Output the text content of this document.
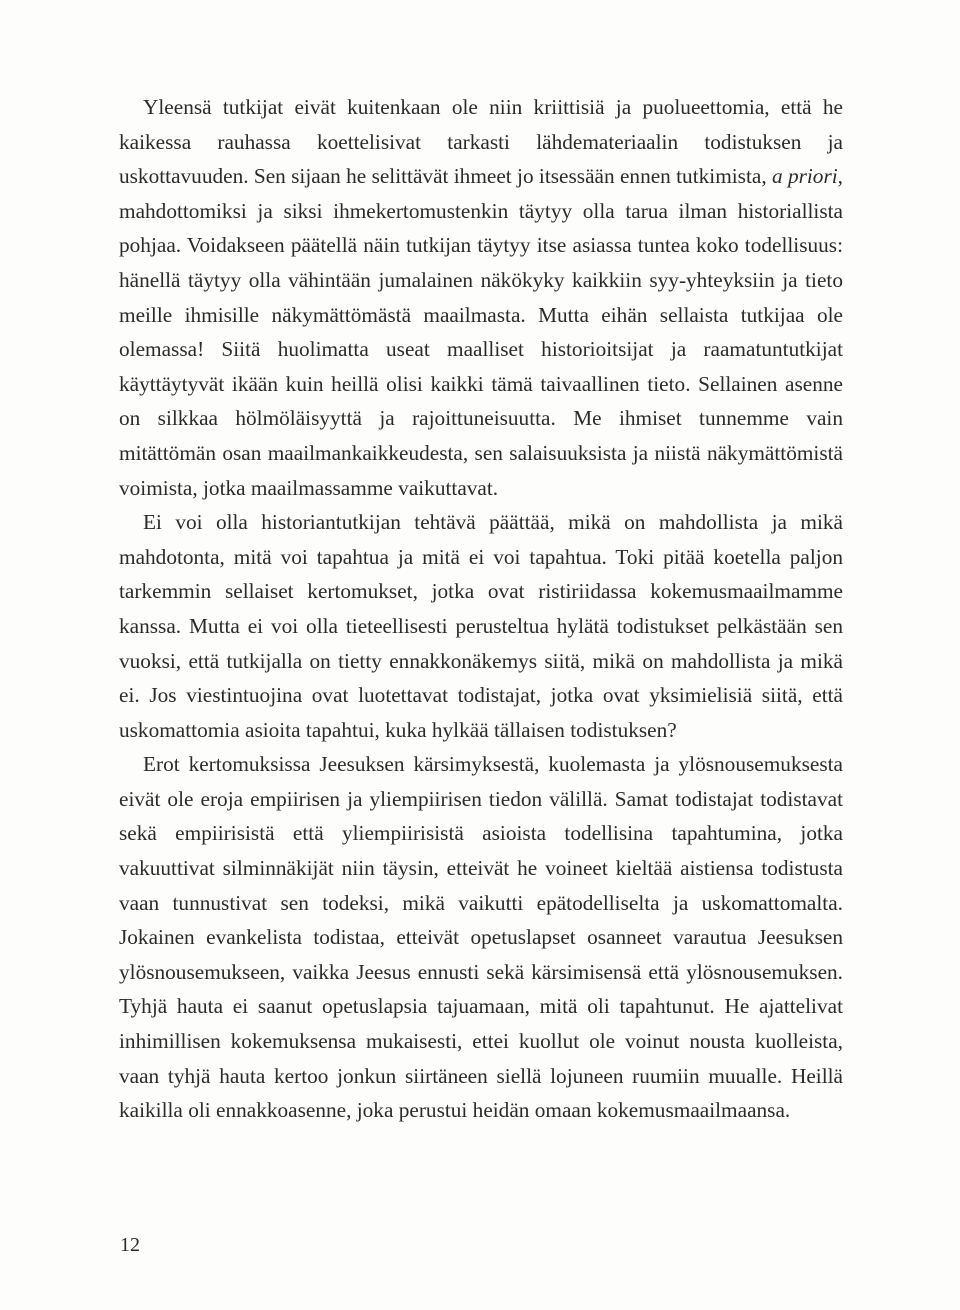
Yleensä tutkijat eivät kuitenkaan ole niin kriittisiä ja puolueettomia, että he kaikessa rauhassa koettelisivat tarkasti lähdemateriaalin todistuksen ja uskottavuuden. Sen sijaan he selittävät ihmeet jo itsessään ennen tutkimista, a priori, mahdottomiksi ja siksi ihmekertomustenkin täytyy olla tarua ilman historiallista pohjaa. Voidakseen päätellä näin tutkijan täytyy itse asiassa tuntea koko todellisuus: hänellä täytyy olla vähintään jumalainen näkökyky kaikkiin syy-yhteyksiin ja tieto meille ihmisille näkymättömästä maailmasta. Mutta eihän sellaista tutkijaa ole olemassa! Siitä huolimatta useat maalliset historioitsijat ja raamatuntutkijat käyttäytyvät ikään kuin heillä olisi kaikki tämä taivaallinen tieto. Sellainen asenne on silkkaa hölmöläisyyttä ja rajoittuneisuutta. Me ihmiset tunnemme vain mitättömän osan maailmankaikkeudesta, sen salaisuuksista ja niistä näkymättömistä voimista, jotka maailmassamme vaikuttavat.

Ei voi olla historiantutkijan tehtävä päättää, mikä on mahdollista ja mikä mahdotonta, mitä voi tapahtua ja mitä ei voi tapahtua. Toki pitää koetella paljon tarkemmin sellaiset kertomukset, jotka ovat ristiriidassa kokemusmaailmamme kanssa. Mutta ei voi olla tieteellisesti perusteltua hylätä todistukset pelkästään sen vuoksi, että tutkijalla on tietty ennakkonäkemys siitä, mikä on mahdollista ja mikä ei. Jos viestintuojina ovat luotettavat todistajat, jotka ovat yksimielisiä siitä, että uskomattomia asioita tapahtui, kuka hylkää tällaisen todistuksen?

Erot kertomuksissa Jeesuksen kärsimyksestä, kuolemasta ja ylösnousemuksesta eivät ole eroja empiirisen ja yliempiirisen tiedon välillä. Samat todistajat todistavat sekä empiirisistä että yliempiirisistä asioista todellisina tapahtumina, jotka vakuuttivat silminnäkijät niin täysin, etteivät he voineet kieltää aistiensa todistusta vaan tunnustivat sen todeksi, mikä vaikutti epätodelliselta ja uskomattomalta. Jokainen evankelista todistaa, etteivät opetuslapset osanneet varautua Jeesuksen ylösnousemukseen, vaikka Jeesus ennusti sekä kärsimisensä että ylösnousemuksen. Tyhjä hauta ei saanut opetuslapsia tajuamaan, mitä oli tapahtunut. He ajattelivat inhimillisen kokemuksensa mukaisesti, ettei kuollut ole voinut nousta kuolleista, vaan tyhjä hauta kertoo jonkun siirtäneen siellä lojuneen ruumiin muualle. Heillä kaikilla oli ennakkoasenne, joka perustui heidän omaan kokemusmaailmaansa.

12
